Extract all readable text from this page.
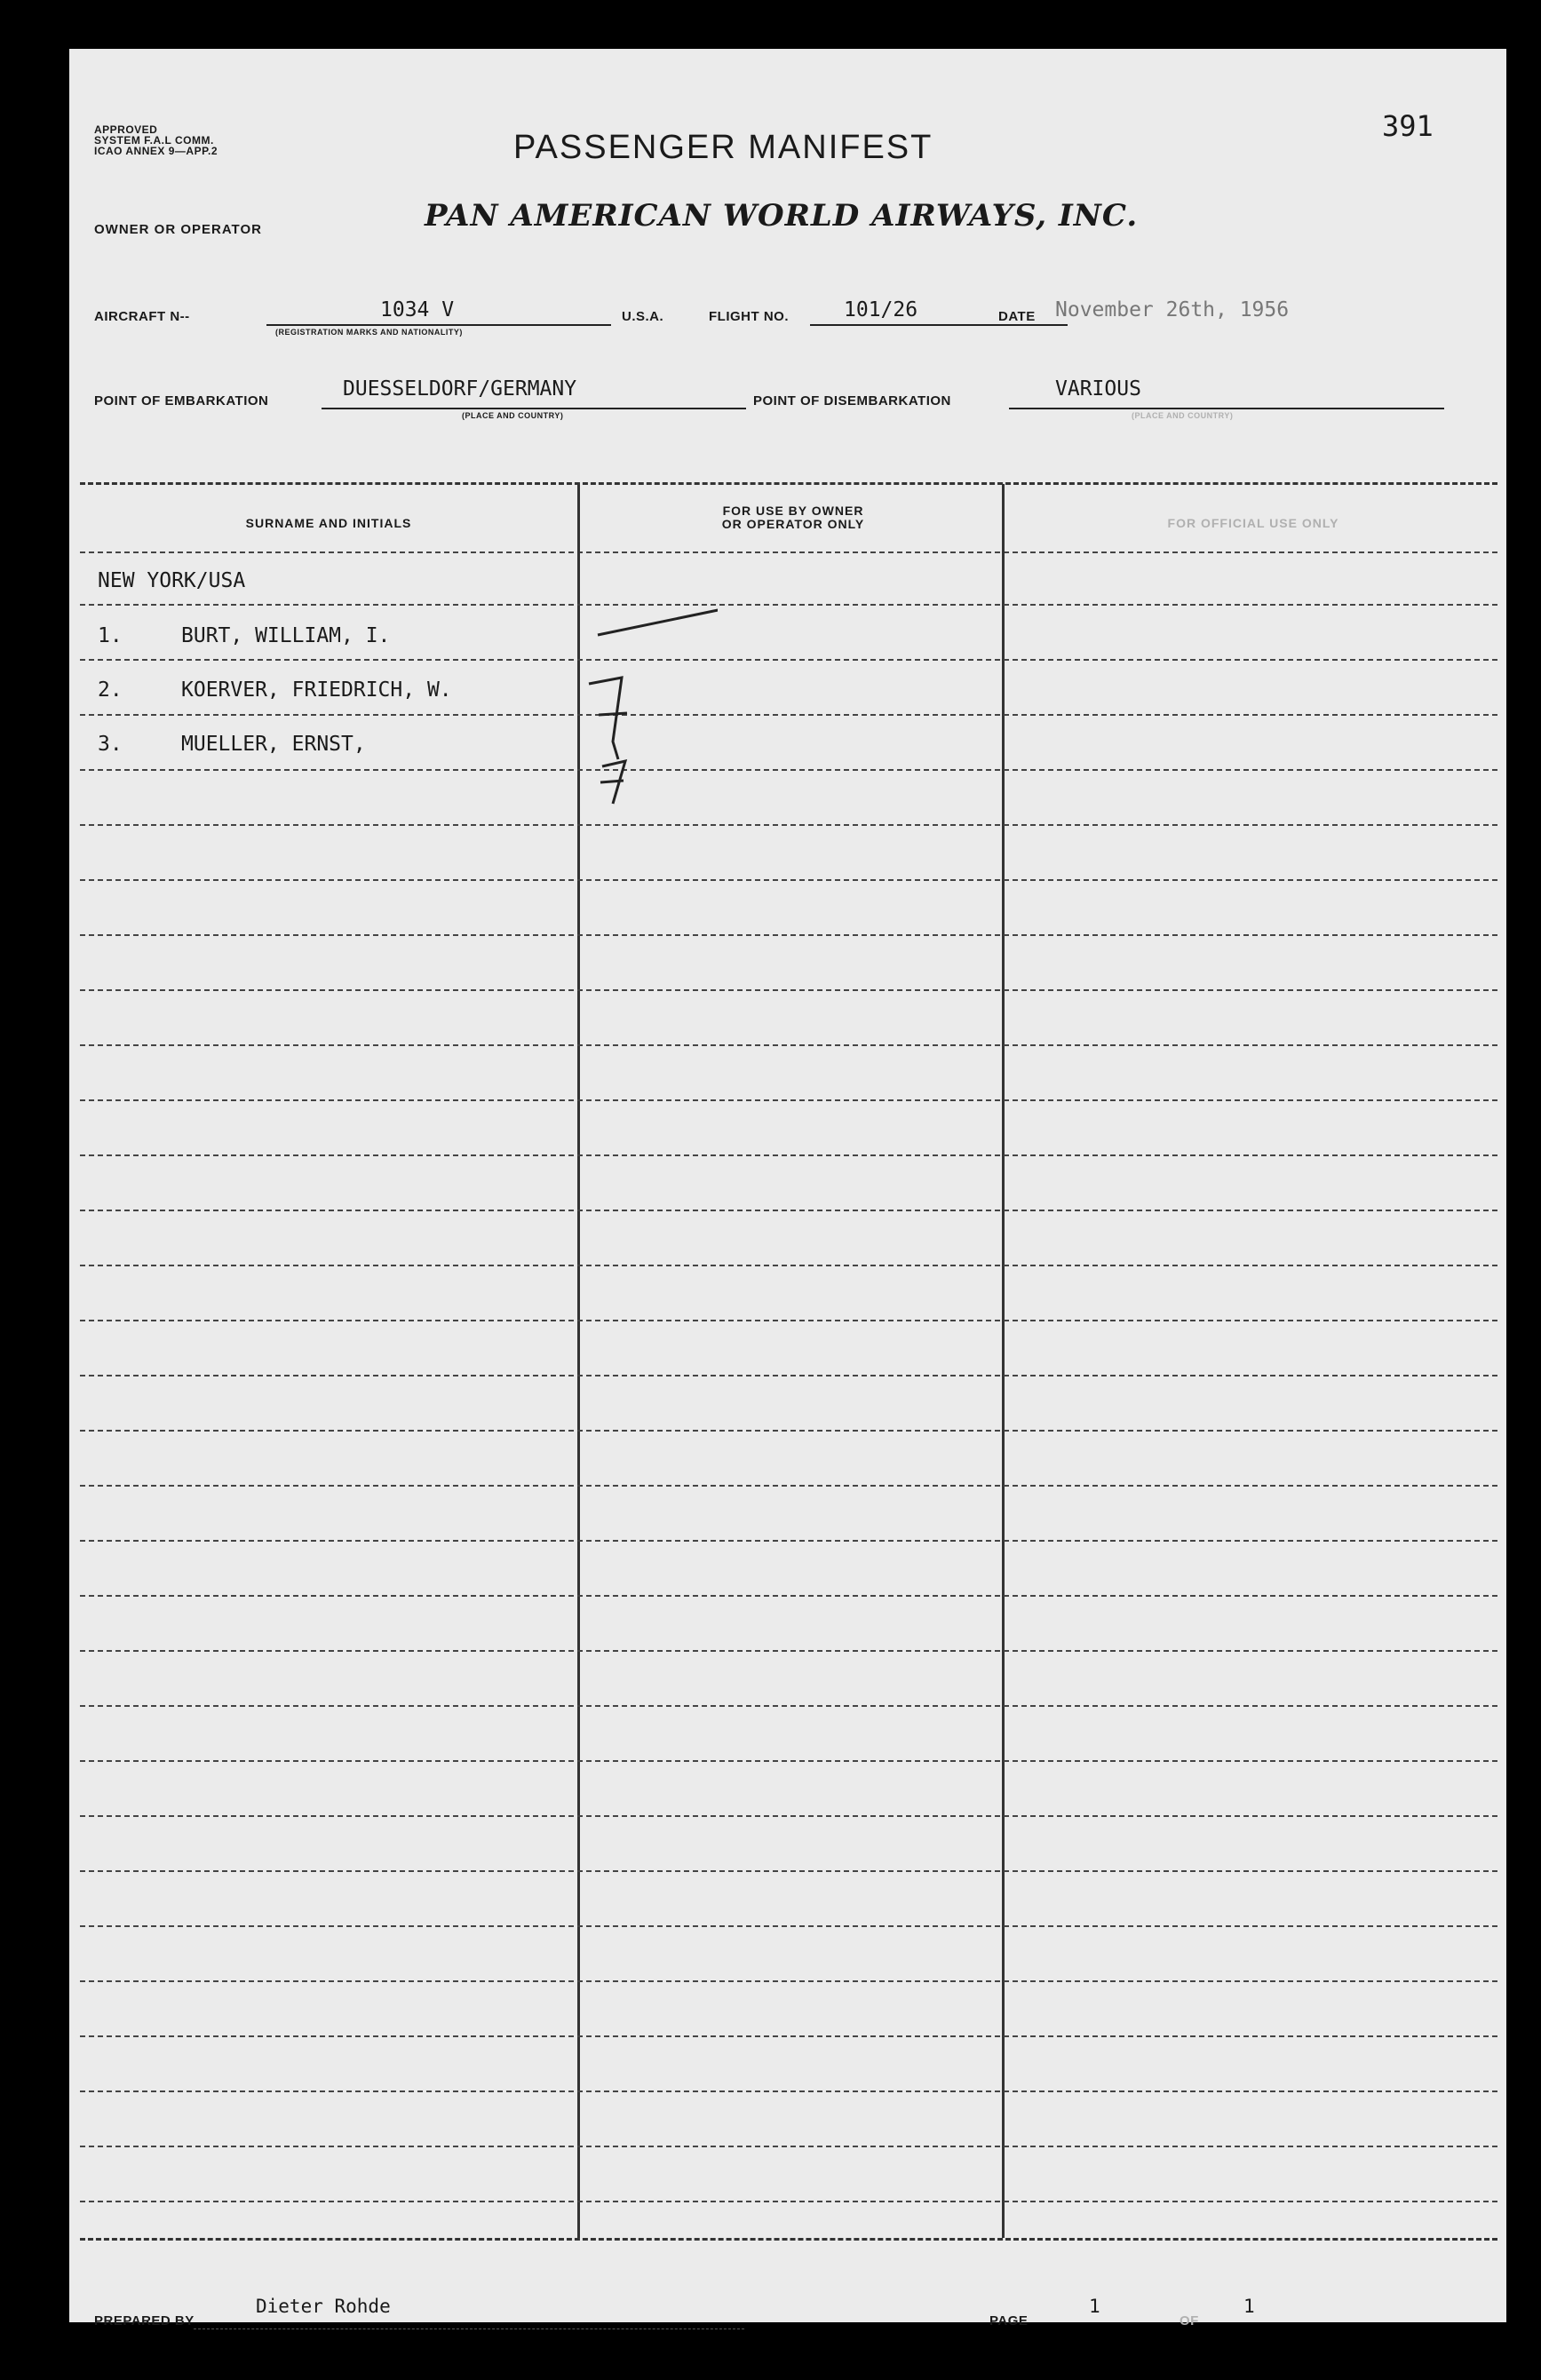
APPROVED
SYSTEM F.A.L COMM.
ICAO ANNEX 9—APP.2	PASSENGER MANIFEST
391
OWNER OR OPERATOR	PAN AMERICAN WORLD AIRWAYS, INC.
AIRCRAFT N--	1034 V
(REGISTRATION MARKS AND NATIONALITY)
U.S.A.	FLIGHT NO.	101/26	DATE November 26th, 1956
POINT OF EMBARKATION
DUESSELDORF/GERMANY
(PLACE AND COUNTRY)
POINT OF DISEMBARKATION
VARIOUS
(PLACE AND COUNTRY)
SURNAME AND INITIALS
FOR USE BY OWNER
OR OPERATOR ONLY	FOR OFFICIAL USE ONLY
NEW YORK/USA
1.	BURT, WILLIAM, I.
2.	KOERVER, FRIEDRICH, W.
3.	MUELLER, ERNST,
PREPARED BY
Dieter Rohde
PAGE
1
OF
1
